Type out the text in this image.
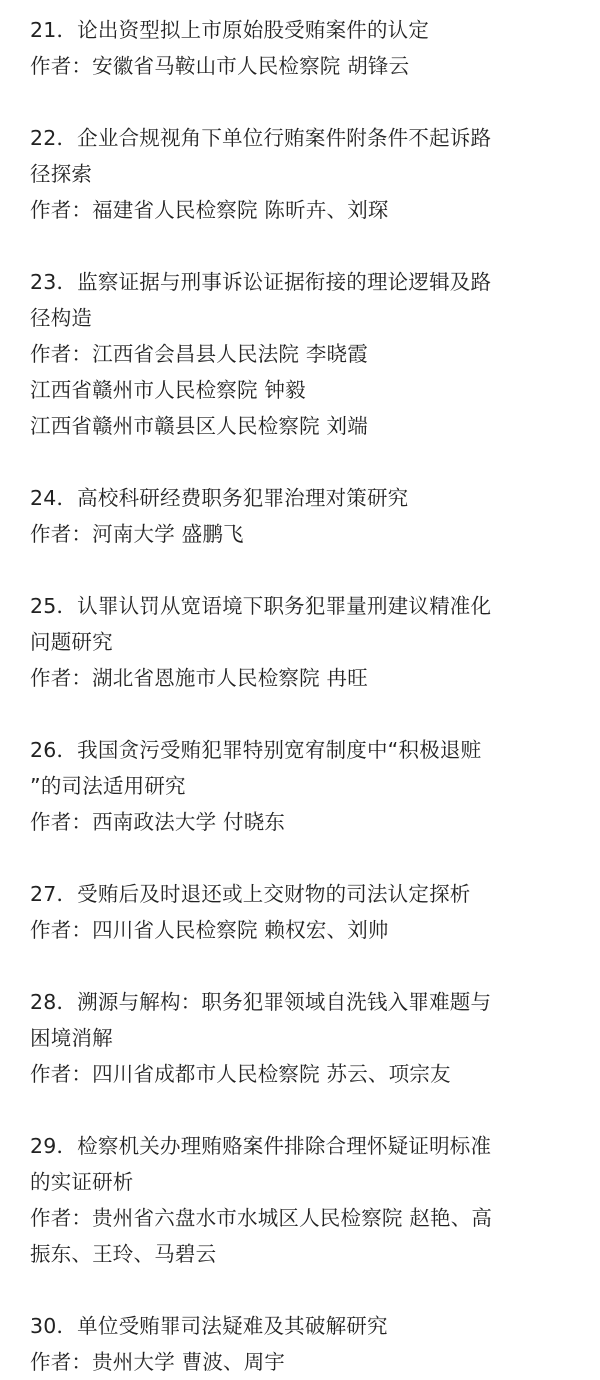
21．论出资型拟上市原始股受贿案件的认定
作者：安徽省马鞍山市人民检察院 胡锋云
22．企业合规视角下单位行贿案件附条件不起诉路
径探索
作者：福建省人民检察院 陈昕卉、刘琛
23．监察证据与刑事诉讼证据衔接的理论逻辑及路
径构造
作者：江西省会昌县人民法院 李晓霞
江西省赣州市人民检察院 钟毅
江西省赣州市赣县区人民检察院 刘端
24．高校科研经费职务犯罪治理对策研究
作者：河南大学 盛鹏飞
25．认罪认罚从宽语境下职务犯罪量刑建议精准化
问题研究
作者：湖北省恩施市人民检察院 冉旺
26．我国贪污受贿犯罪特别宽宥制度中“积极退赃
”的司法适用研究
作者：西南政法大学 付晓东
27．受贿后及时退还或上交财物的司法认定探析
作者：四川省人民检察院 赖权宏、刘帅
28．溯源与解构：职务犯罪领域自洗钱入罪难题与
困境消解
作者：四川省成都市人民检察院 苏云、项宗友
29．检察机关办理贿赂案件排除合理怀疑证明标准
的实证研析
作者：贵州省六盘水市水城区人民检察院 赵艳、高
振东、王玲、马碧云
30．单位受贿罪司法疑难及其破解研究
作者：贵州大学 曹波、周宇
